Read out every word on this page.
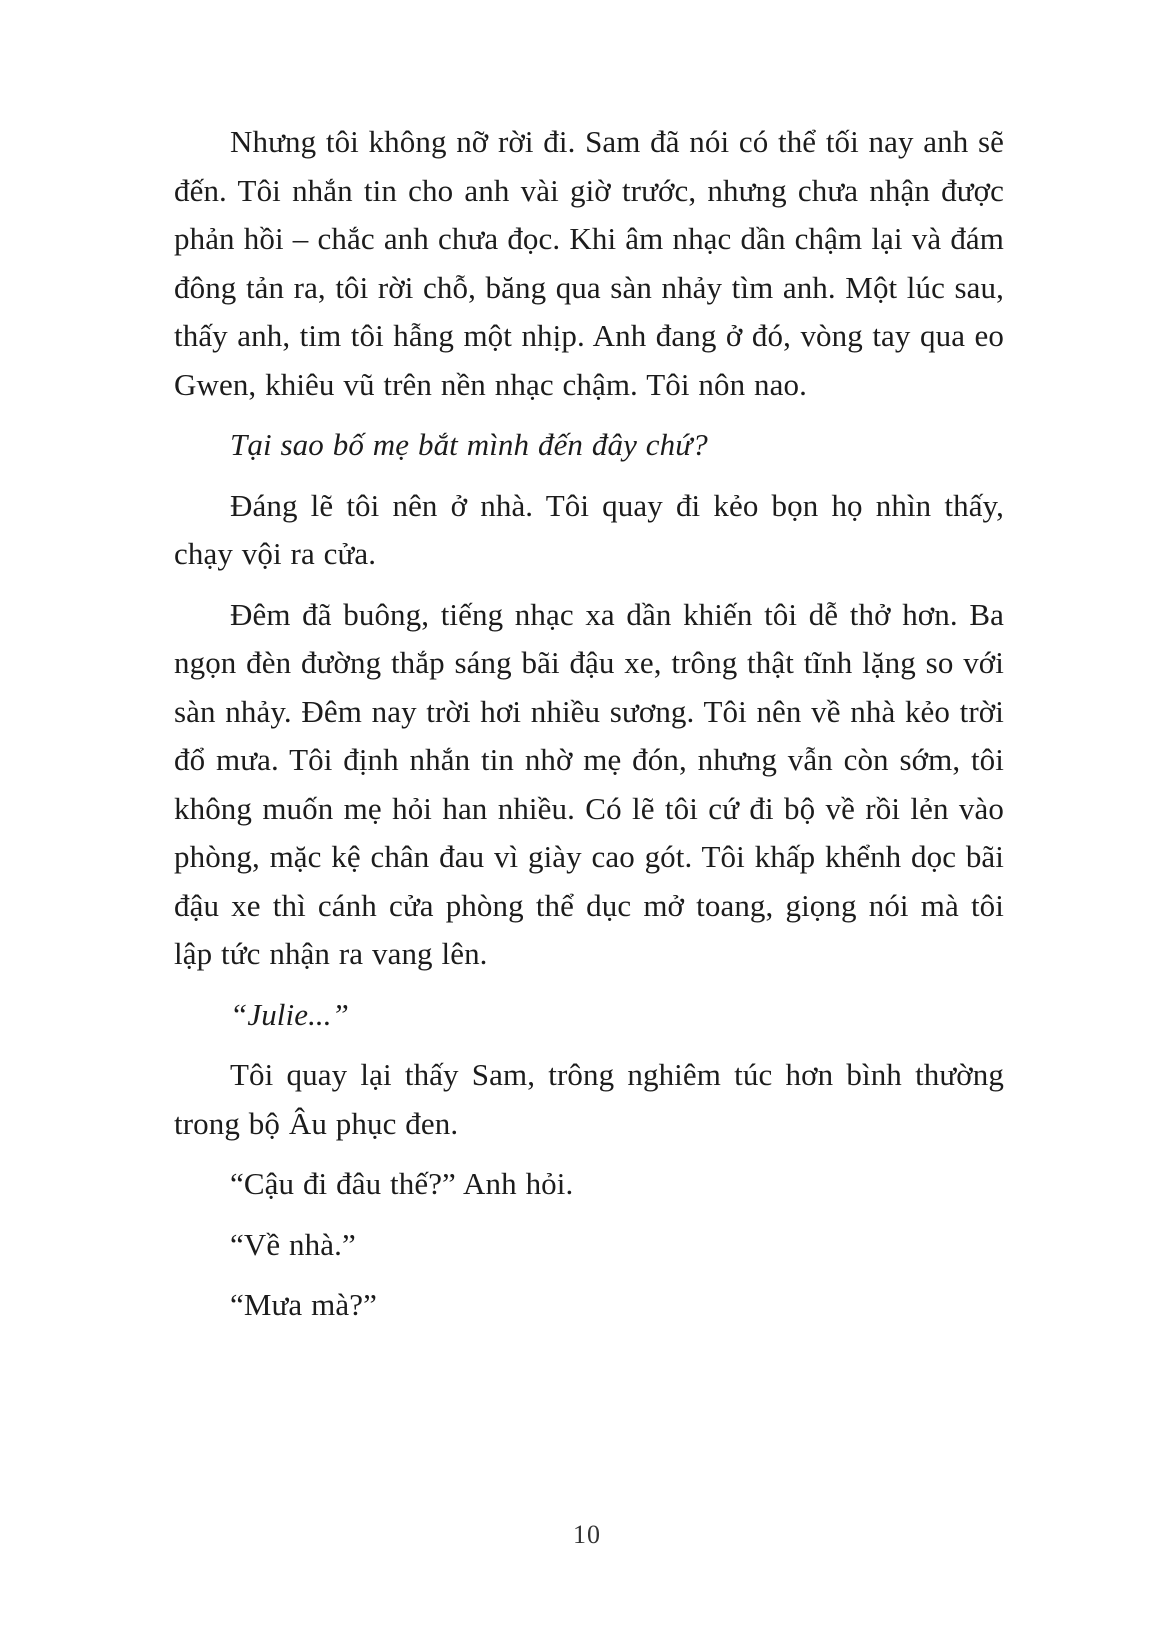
Nhưng tôi không nỡ rời đi. Sam đã nói có thể tối nay anh sẽ đến. Tôi nhắn tin cho anh vài giờ trước, nhưng chưa nhận được phản hồi – chắc anh chưa đọc. Khi âm nhạc dần chậm lại và đám đông tản ra, tôi rời chỗ, băng qua sàn nhảy tìm anh. Một lúc sau, thấy anh, tim tôi hẫng một nhịp. Anh đang ở đó, vòng tay qua eo Gwen, khiêu vũ trên nền nhạc chậm. Tôi nôn nao.

Tại sao bố mẹ bắt mình đến đây chứ?

Đáng lẽ tôi nên ở nhà. Tôi quay đi kẻo bọn họ nhìn thấy, chạy vội ra cửa.

Đêm đã buông, tiếng nhạc xa dần khiến tôi dễ thở hơn. Ba ngọn đèn đường thắp sáng bãi đậu xe, trông thật tĩnh lặng so với sàn nhảy. Đêm nay trời hơi nhiều sương. Tôi nên về nhà kẻo trời đổ mưa. Tôi định nhắn tin nhờ mẹ đón, nhưng vẫn còn sớm, tôi không muốn mẹ hỏi han nhiều. Có lẽ tôi cứ đi bộ về rồi lẻn vào phòng, mặc kệ chân đau vì giày cao gót. Tôi khấp khểnh dọc bãi đậu xe thì cánh cửa phòng thể dục mở toang, giọng nói mà tôi lập tức nhận ra vang lên.

“Julie...”

Tôi quay lại thấy Sam, trông nghiêm túc hơn bình thường trong bộ Âu phục đen.

“Cậu đi đâu thế?” Anh hỏi.

“Về nhà.”

“Mưa mà?”

10
